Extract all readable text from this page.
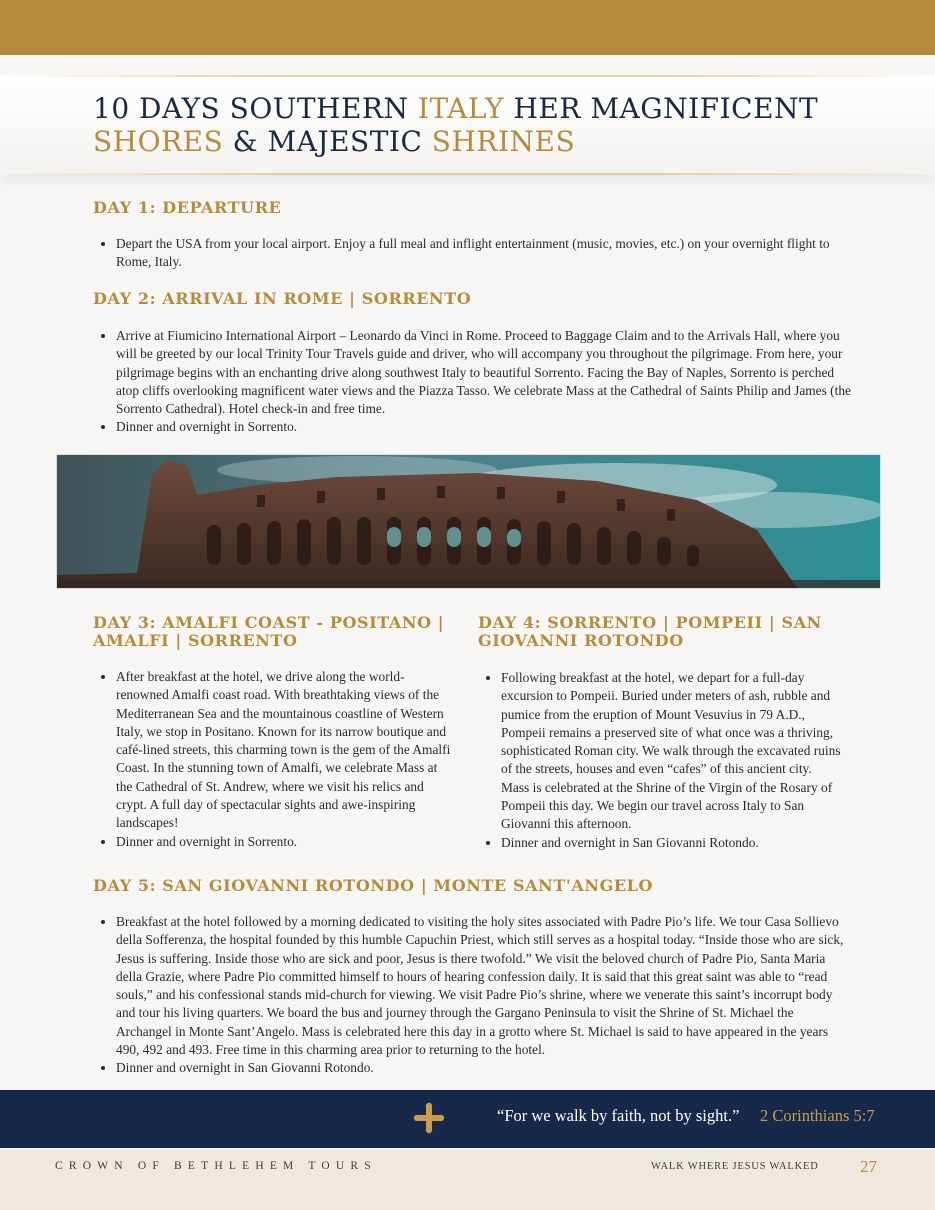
10 DAYS SOUTHERN ITALY HER MAGNIFICENT SHORES & MAJESTIC SHRINES
DAY 1: DEPARTURE
• Depart the USA from your local airport. Enjoy a full meal and inflight entertainment (music, movies, etc.) on your overnight flight to Rome, Italy.
DAY 2: ARRIVAL IN ROME | SORRENTO
• Arrive at Fiumicino International Airport – Leonardo da Vinci in Rome. Proceed to Baggage Claim and to the Arrivals Hall, where you will be greeted by our local Trinity Tour Travels guide and driver, who will accompany you throughout the pilgrimage. From here, your pilgrimage begins with an enchanting drive along southwest Italy to beautiful Sorrento. Facing the Bay of Naples, Sorrento is perched atop cliffs overlooking magnificent water views and the Piazza Tasso. We celebrate Mass at the Cathedral of Saints Philip and James (the Sorrento Cathedral). Hotel check-in and free time.
• Dinner and overnight in Sorrento.
DAY 3: AMALFI COAST - POSITANO | AMALFI | SORRENTO
• After breakfast at the hotel, we drive along the world-renowned Amalfi coast road. With breathtaking views of the Mediterranean Sea and the mountainous coastline of Western Italy, we stop in Positano. Known for its narrow boutique and café-lined streets, this charming town is the gem of the Amalfi Coast. In the stunning town of Amalfi, we celebrate Mass at the Cathedral of St. Andrew, where we visit his relics and crypt. A full day of spectacular sights and awe-inspiring landscapes!
• Dinner and overnight in Sorrento.
DAY 4: SORRENTO | POMPEII | SAN GIOVANNI ROTONDO
• Following breakfast at the hotel, we depart for a full-day excursion to Pompeii. Buried under meters of ash, rubble and pumice from the eruption of Mount Vesuvius in 79 A.D., Pompeii remains a preserved site of what once was a thriving, sophisticated Roman city. We walk through the excavated ruins of the streets, houses and even “cafes” of this ancient city. Mass is celebrated at the Shrine of the Virgin of the Rosary of Pompeii this day. We begin our travel across Italy to San Giovanni this afternoon.
• Dinner and overnight in San Giovanni Rotondo.
DAY 5: SAN GIOVANNI ROTONDO | MONTE SANT'ANGELO
• Breakfast at the hotel followed by a morning dedicated to visiting the holy sites associated with Padre Pio’s life. We tour Casa Sollievo della Sofferenza, the hospital founded by this humble Capuchin Priest, which still serves as a hospital today. “Inside those who are sick, Jesus is suffering. Inside those who are sick and poor, Jesus is there twofold.” We visit the beloved church of Padre Pio, Santa Maria della Grazie, where Padre Pio committed himself to hours of hearing confession daily. It is said that this great saint was able to “read souls,” and his confessional stands mid-church for viewing. We visit Padre Pio’s shrine, where we venerate this saint’s incorrupt body and tour his living quarters. We board the bus and journey through the Gargano Peninsula to visit the Shrine of St. Michael the Archangel in Monte Sant’Angelo. Mass is celebrated here this day in a grotto where St. Michael is said to have appeared in the years 490, 492 and 493. Free time in this charming area prior to returning to the hotel.
• Dinner and overnight in San Giovanni Rotondo.
“For we walk by faith, not by sight.” 2 Corinthians 5:7
CROWN OF BETHLEHEM TOURS	WALK WHERE JESUS WALKED 27
